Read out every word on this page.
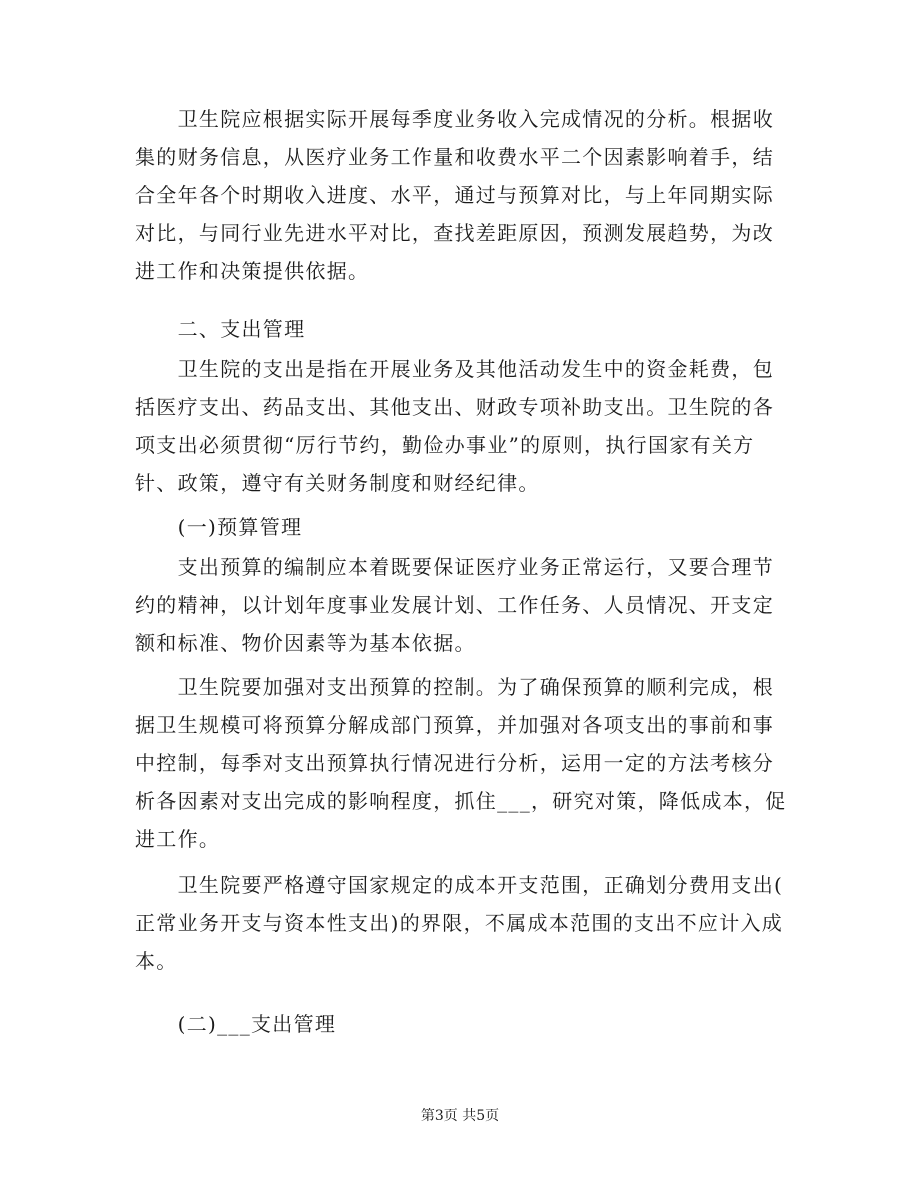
　　卫生院应根据实际开展每季度业务收入完成情况的分析。根据收
集的财务信息，从医疗业务工作量和收费水平二个因素影响着手，结
合全年各个时期收入进度、水平，通过与预算对比，与上年同期实际
对比，与同行业先进水平对比，查找差距原因，预测发展趋势，为改
进工作和决策提供依据。
　　二、支出管理
　　卫生院的支出是指在开展业务及其他活动发生中的资金耗费，包
括医疗支出、药品支出、其他支出、财政专项补助支出。卫生院的各
项支出必须贯彻“厉行节约，勤俭办事业”的原则，执行国家有关方
针、政策，遵守有关财务制度和财经纪律。
　　(一)预算管理
　　支出预算的编制应本着既要保证医疗业务正常运行，又要合理节
约的精神，以计划年度事业发展计划、工作任务、人员情况、开支定
额和标准、物价因素等为基本依据。
　　卫生院要加强对支出预算的控制。为了确保预算的顺利完成，根
据卫生规模可将预算分解成部门预算，并加强对各项支出的事前和事
中控制，每季对支出预算执行情况进行分析，运用一定的方法考核分
析各因素对支出完成的影响程度，抓住___，研究对策，降低成本，促
进工作。
　　卫生院要严格遵守国家规定的成本开支范围，正确划分费用支出(
正常业务开支与资本性支出)的界限，不属成本范围的支出不应计入成
本。
　　(二)___支出管理
第3页 共5页
